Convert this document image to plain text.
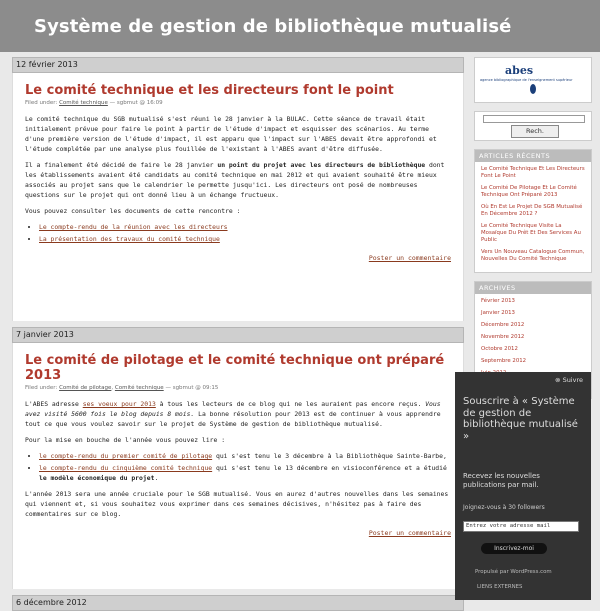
Système de gestion de bibliothèque mutualisé
12 février 2013
Le comité technique et les directeurs font le point
Filed under: Comité technique — sgbmut @ 16:09

Le comité technique du SGB mutualisé s'est réuni le 28 janvier à la BULAC. Cette séance de travail était initialement prévue pour faire le point à partir de l'étude d'impact et esquisser des scénarios. Au terme d'une première version de l'étude d'impact, il est apparu que l'impact sur l'ABES devait être approfondi et l'étude complétée par une analyse plus fouillée de l'existant à l'ABES avant d'être diffusée.

Il a finalement été décidé de faire le 28 janvier un point du projet avec les directeurs de bibliothèque dont les établissements avaient été candidats au comité technique en mai 2012 et qui avaient souhaité être mieux associés au projet sans que le calendrier le permette jusqu'ici. Les directeurs ont posé de nombreuses questions sur le projet qui ont donné lieu à un échange fructueux.

Vous pouvez consulter les documents de cette rencontre :

• Le compte-rendu de la réunion avec les directeurs
• La présentation des travaux du comité technique
Poster un commentaire
7 janvier 2013
Le comité de pilotage et le comité technique ont préparé 2013
Filed under: Comité de pilotage, Comité technique — sgbmut @ 09:15

L'ABES adresse ses voeux pour 2013 à tous les lecteurs de ce blog qui ne les auraient pas encore reçus. Vous avez visité 5600 fois le blog depuis 8 mois. La bonne résolution pour 2013 est de continuer à vous apprendre tout ce que vous voulez savoir sur le projet de Système de gestion de bibliothèque mutualisé.

Pour la mise en bouche de l'année vous pouvez lire :

• le compte-rendu du premier comité de pilotage qui s'est tenu le 3 décembre à la Bibliothèque Sainte-Barbe,
• le compte-rendu du cinquième comité technique qui s'est tenu le 13 décembre en visioconférence et a étudié le modèle économique du projet.

L'année 2013 sera une année cruciale pour le SGB mutualisé. Vous en aurez d'autres nouvelles dans les semaines qui viennent et, si vous souhaitez vous exprimer dans ces semaines décisives, n'hésitez pas à faire des commentaires sur ce blog.

Poster un commentaire
6 décembre 2012
abes
agence bibliographique de l'enseignement supérieur
Rech.
ARTICLES RÉCENTS
Le Comité Technique Et Les Directeurs Font Le Point
Le Comité De Pilotage Et Le Comité Technique Ont Préparé 2013
Où En Est Le Projet De SGB Mutualisé En Décembre 2012 ?
Le Comité Technique Visite La Mosaïque Du Prêt Et Des Services Au Public
Vers Un Nouveau Catalogue Commun, Nouvelles Du Comité Technique
ARCHIVES
Février 2013
Janvier 2013
Décembre 2012
Novembre 2012
Octobre 2012
Septembre 2012
⊗ Suivre
Souscrire à « Système de gestion de bibliothèque mutualisé »
Recevez les nouvelles publications par mail.
Joignez-vous à 30 followers
Entrez votre adresse mail
Inscrivez-moi
Propulsé par WordPress.com
LIENS EXTERNES
